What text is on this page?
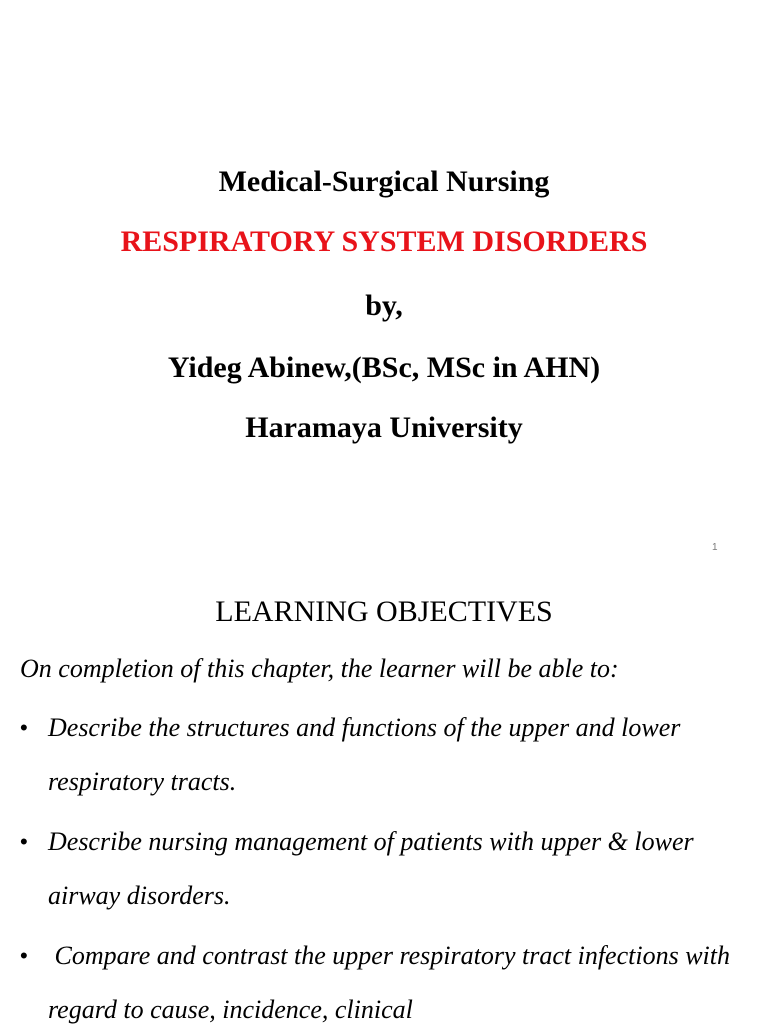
Medical-Surgical Nursing
RESPIRATORY SYSTEM DISORDERS
by,
Yideg Abinew,(BSc, MSc in AHN)
Haramaya University
1
LEARNING OBJECTIVES
On completion of this chapter, the learner will be able to:
• Describe the structures and functions of the upper and lower respiratory tracts.
• Describe nursing management of patients with upper & lower airway disorders.
• Compare and contrast the upper respiratory tract infections with regard to cause, incidence, clinical
